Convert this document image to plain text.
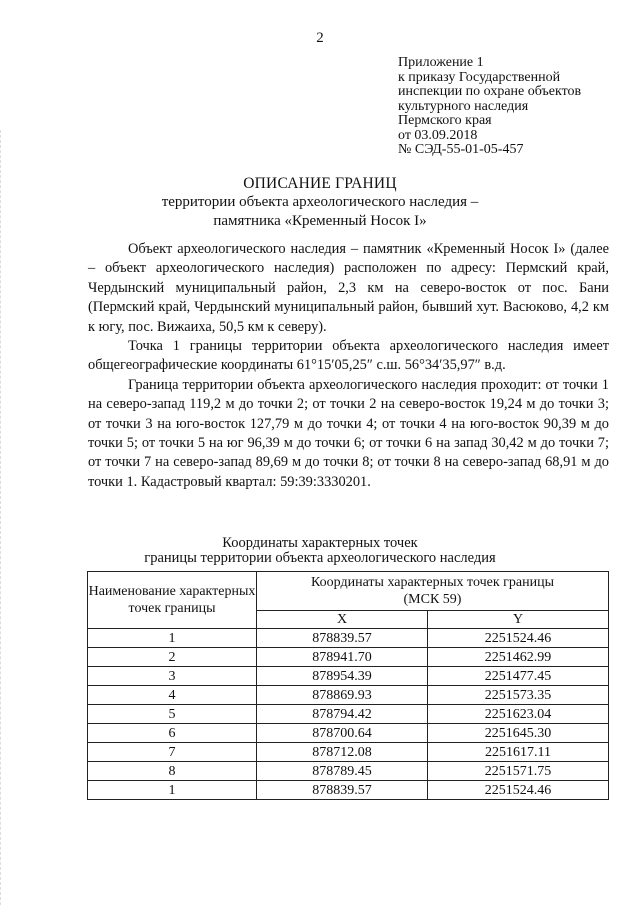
2
Приложение 1
к приказу Государственной
инспекции по охране объектов
культурного наследия
Пермского края
от 03.09.2018
№ СЭД-55-01-05-457
ОПИСАНИЕ ГРАНИЦ
территории объекта археологического наследия –
памятника «Кременный Носок I»

Объект археологического наследия – памятник «Кременный Носок I» (далее – объект археологического наследия) расположен по адресу: Пермский край, Чердынский муниципальный район, 2,3 км на северо-восток от пос. Бани (Пермский край, Чердынский муниципальный район, бывший хут. Васюково, 4,2 км к югу, пос. Вижаиха, 50,5 км к северу).

Точка 1 границы территории объекта археологического наследия имеет общегеографические координаты 61°15′05,25″ с.ш. 56°34′35,97″ в.д.

Граница территории объекта археологического наследия проходит: от точки 1 на северо-запад 119,2 м до точки 2; от точки 2 на северо-восток 19,24 м до точки 3; от точки 3 на юго-восток 127,79 м до точки 4; от точки 4 на юго-восток 90,39 м до точки 5; от точки 5 на юг 96,39 м до точки 6; от точки 6 на запад 30,42 м до точки 7; от точки 7 на северо-запад 89,69 м до точки 8; от точки 8 на северо-запад 68,91 м до точки 1. Кадастровый квартал: 59:39:3330201.

Координаты характерных точек
границы территории объекта археологического наследия
Наименование характерных точек границы	Координаты характерных точек границы (МСК 59)	
	X	Y
1	878839.57	2251524.46
2	878941.70	2251462.99
3	878954.39	2251477.45
4	878869.93	2251573.35
5	878794.42	2251623.04
6	878700.64	2251645.30
7	878712.08	2251617.11
8	878789.45	2251571.75
1	878839.57	2251524.46
